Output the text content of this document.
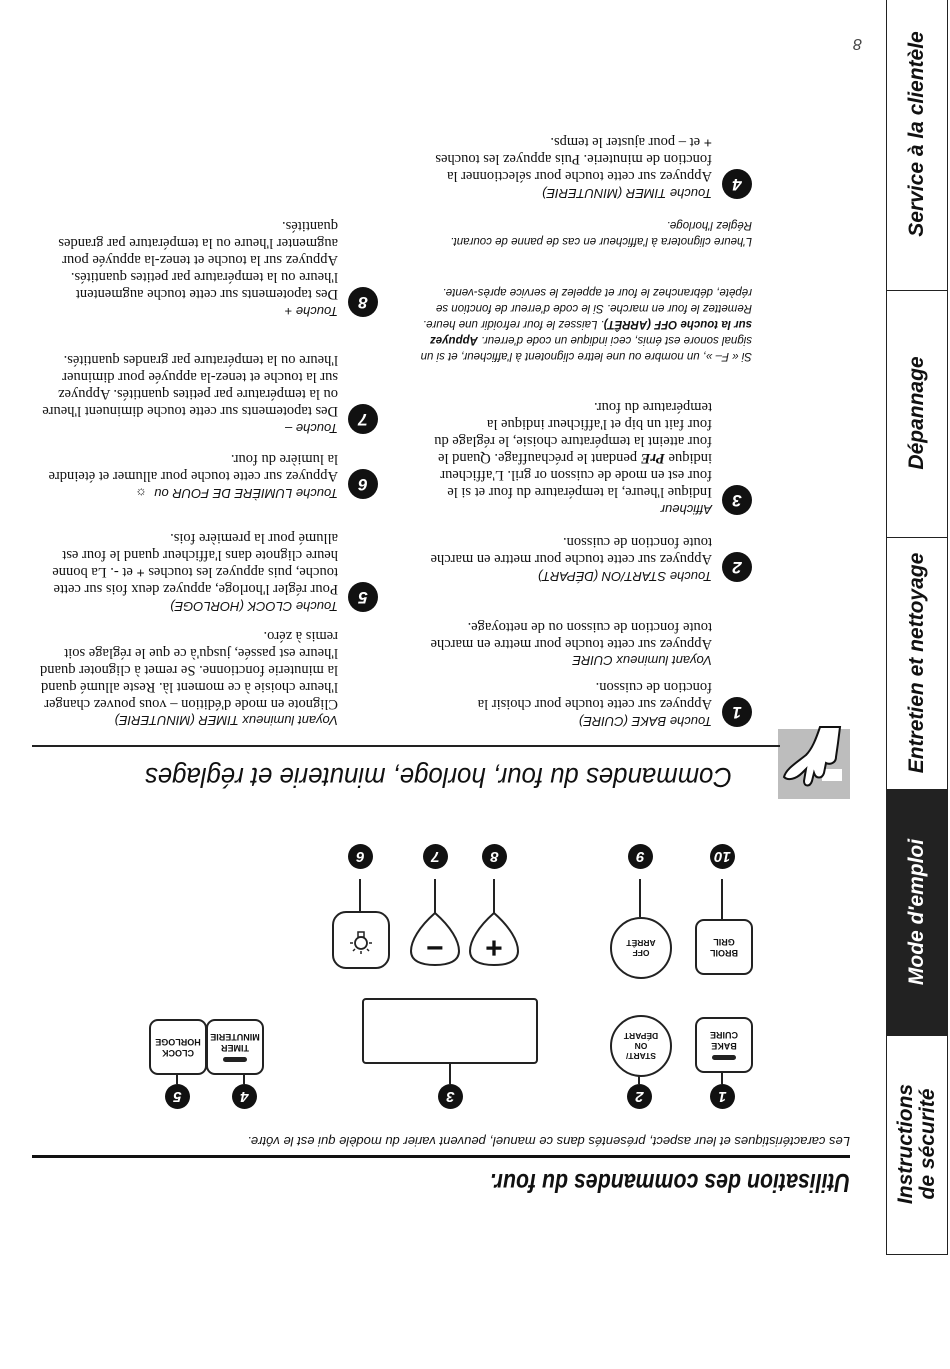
Instructions
de sécurité
Mode d'emploi
Entretien et nettoyage
Dépannage
Service à la clientèle
8
Utilisation des commandes du four.
Les caractéristiques et leur aspect, présentés dans ce manuel, peuvent varier du modèle qui est le vôtre.
1
2
3
4
5
BAKE
CUIRE
START/
ON
DÉPART
TIMER
MINUTERIE
CLOCK
HORLOGE
BROIL
GRIL
OFF
ARRÊT
+
−
10
9
8
7
6
Commandes du four, horloge, minuterie et réglages
1
Touche BAKE (CUIRE)
Appuyez sur cette touche pour choisir la fonction de cuisson.
Voyant lumineux CUIRE
Appuyez sur cette touche pour mettre en marche toute fonction de cuisson ou de nettoyage.
2
Touche START/ON (DÉPART)
Appuyez sur cette touche pour mettre en marche toute fonction de cuisson.
3
Afficheur
Indique l'heure, la température du four et si le four est en mode de cuisson or gril. L'afficheur indique PrE pendant le préchauffage. Quand le four atteint la température choisie, le réglage du four fait un bip et l'afficheur indique la température du four.
Si « F– », un nombre ou une lettre clignotent à l'afficheur, et si un signal sonore est émis, ceci indique un code d'erreur. Appuyez sur la touche OFF (ARRÊT). Laissez le four refroidir une heure. Remettez le four en marche. Si le code d'erreur de fonction se répète, débranchez le four et appelez le service après-vente.
L'heure clignotera à l'afficheur en cas de panne de courant. Réglez l'horloge.
4
Touche TIMER (MINUTERIE)
Appuyez sur cette touche pour sélectionner la fonction de minuterie. Puis appuyez les touches + et – pour ajuster le temps.
Voyant lumineux TIMER (MINUTERIE)
Clignote en mode d'édition – vous pouvez changer l'heure choisie à ce moment là. Reste allumé quand la minuterie fonctionne. Se remet à clignoter quand l'heure est passée, jusqu'à ce que le réglage soit remis à zéro.
5
Touche CLOCK (HORLOGE)
Pour régler l'horloge, appuyez deux fois sur cette touche, puis appuyez les touches + et -. La bonne heure clignote dans l'afficheur quand le four est allumé pour la première fois.
6
Touche LUMIÈRE DE FOUR ou  ☼
Appuyez sur cette touche pour allumer et éteindre la lumière du four.
7
Touche –
Des tapotements sur cette touche diminuent l'heure ou la température par petites quantités. Appuyez sur la touche et tenez-la appuyée pour diminuer l'heure ou la température par grandes quantités.
8
Touche +
Des tapotements sur cette touche augmentent l'heure ou la température par petites quantités. Appuyez sur la touche et tenez-la appuyée pour augmenter l'heure ou la température par grandes quantités.
